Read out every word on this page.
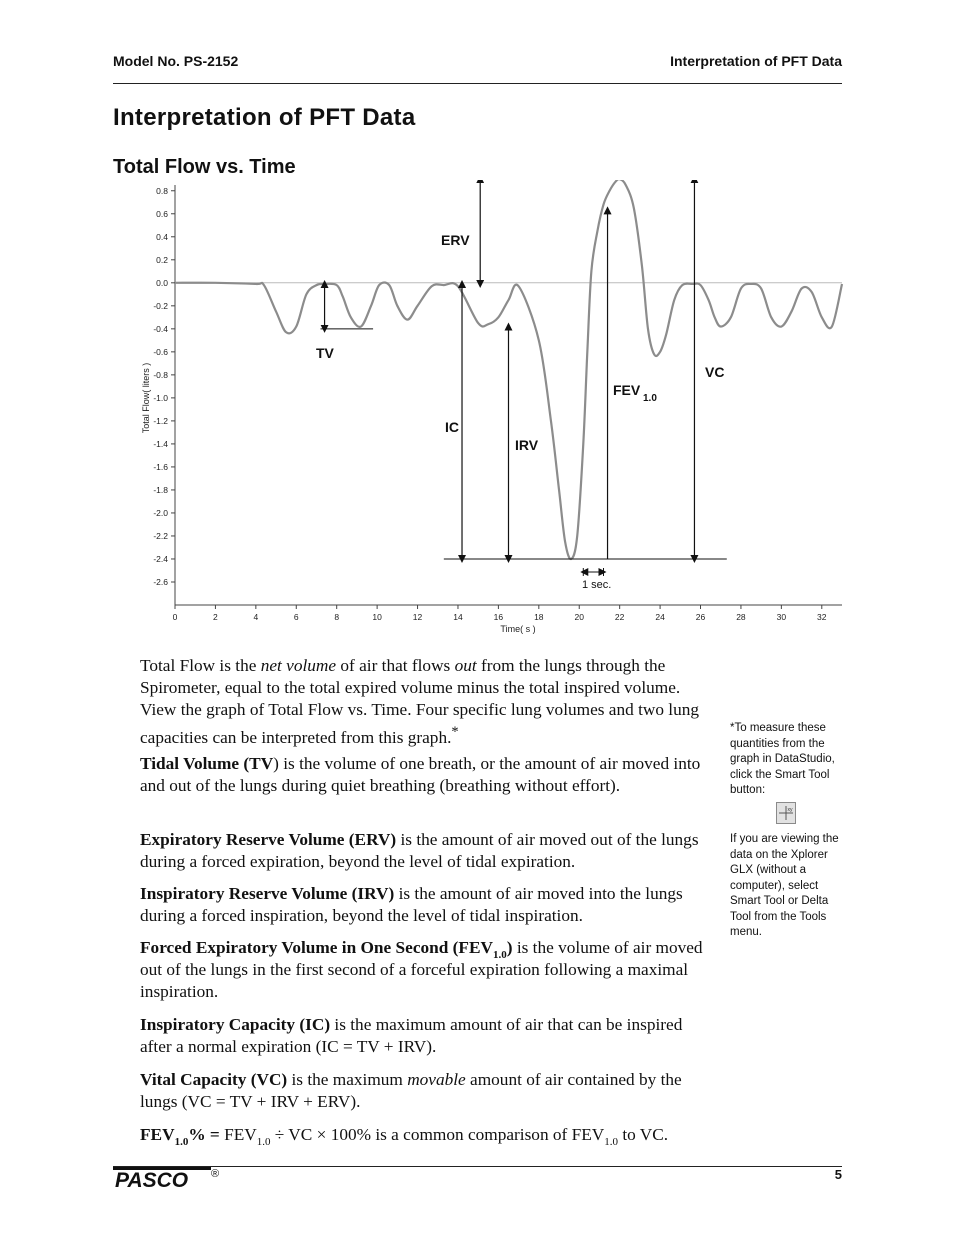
Model No. PS-2152	Interpretation of PFT Data
Interpretation of PFT Data
Total Flow vs. Time
0.8
0.6
0.4
0.2
0.0
-0.2
-0.4
-0.6
-0.8
-1.0
-1.2
-1.4
-1.6
-1.8
-2.0
-2.2
-2.4
-2.6
0	2	4	6	8	10	12	14	16	18	20	22	24	26	28	30	32
Time( s )
Total Flow( liters )
ERV
TV
IC
IRV
FEV
1.0
VC
1 sec.

Total Flow is the net volume of air that flows out from the lungs through the Spirometer, equal to the total expired volume minus the total inspired volume. View the graph of Total Flow vs. Time. Four specific lung volumes and two lung capacities can be interpreted from this graph.*

Tidal Volume (TV) is the volume of one breath, or the amount of air moved into and out of the lungs during quiet breathing (breathing without effort).

Expiratory Reserve Volume (ERV) is the amount of air moved out of the lungs during a forced expiration, beyond the level of tidal expiration.

Inspiratory Reserve Volume (IRV) is the amount of air moved into the lungs during a forced inspiration, beyond the level of tidal inspiration.

Forced Expiratory Volume in One Second $(FEV_{1.0})$ is the volume of air moved out of the lungs in the first second of a forceful expiration following a maximal inspiration.

Inspiratory Capacity (IC) is the maximum amount of air that can be inspired after a normal expiration (IC = TV + IRV).

Vital Capacity (VC) is the maximum movable amount of air contained by the lungs (VC = TV + IRV + ERV).

$FEV_{1.0}\% = FEV_{1.0}$ ÷ VC × 100% is a common comparison of $FEV_{1.0}$ to VC.

*To measure these quantities from the graph in DataStudio, click the Smart Tool button:

xy

If you are viewing the data on the Xplorer GLX (without a computer), select Smart Tool or Delta Tool from the Tools menu.

PASCO ®	5
